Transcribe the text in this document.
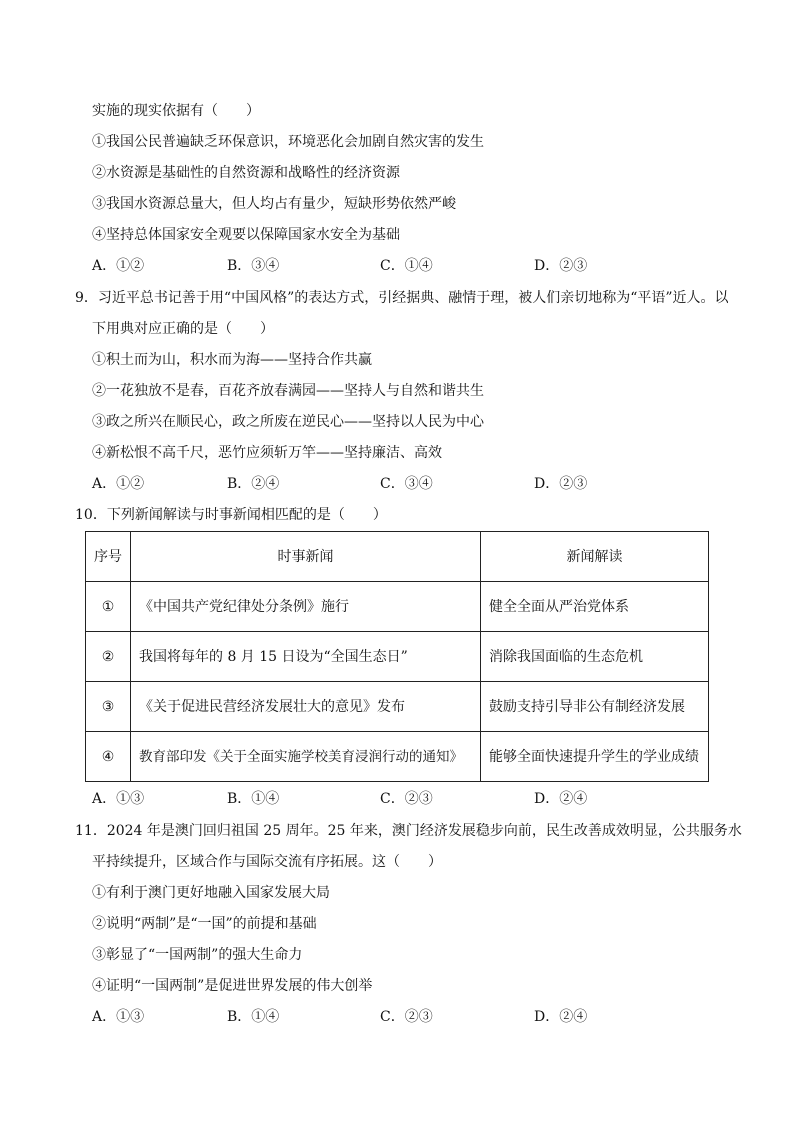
实施的现实依据有（　　）
①我国公民普遍缺乏环保意识，环境恶化会加剧自然灾害的发生
②水资源是基础性的自然资源和战略性的经济资源
③我国水资源总量大，但人均占有量少，短缺形势依然严峻
④坚持总体国家安全观要以保障国家水安全为基础
A．①②	B．③④	C．①④	D．②③
9．习近平总书记善于用“中国风格”的表达方式，引经据典、融情于理，被人们亲切地称为“平语”近人。以
下用典对应正确的是（　　）
①积土而为山，积水而为海——坚持合作共赢
②一花独放不是春，百花齐放春满园——坚持人与自然和谐共生
③政之所兴在顺民心，政之所废在逆民心——坚持以人民为中心
④新松恨不高千尺，恶竹应须斩万竿——坚持廉洁、高效
A．①②	B．②④	C．③④	D．②③
10．下列新闻解读与时事新闻相匹配的是（　　）
序号	时事新闻	新闻解读
①	《中国共产党纪律处分条例》施行	健全全面从严治党体系
②	我国将每年的 8 月 15 日设为“全国生态日”	消除我国面临的生态危机
③	《关于促进民营经济发展壮大的意见》发布	鼓励支持引导非公有制经济发展
④	教育部印发《关于全面实施学校美育浸润行动的通知》	能够全面快速提升学生的学业成绩
A．①③	B．①④	C．②③	D．②④
11．2024 年是澳门回归祖国 25 周年。25 年来，澳门经济发展稳步向前，民生改善成效明显，公共服务水
平持续提升，区域合作与国际交流有序拓展。这（　　）
①有利于澳门更好地融入国家发展大局
②说明“两制”是“一国”的前提和基础
③彰显了“一国两制”的强大生命力
④证明“一国两制”是促进世界发展的伟大创举
A．①③	B．①④	C．②③	D．②④
